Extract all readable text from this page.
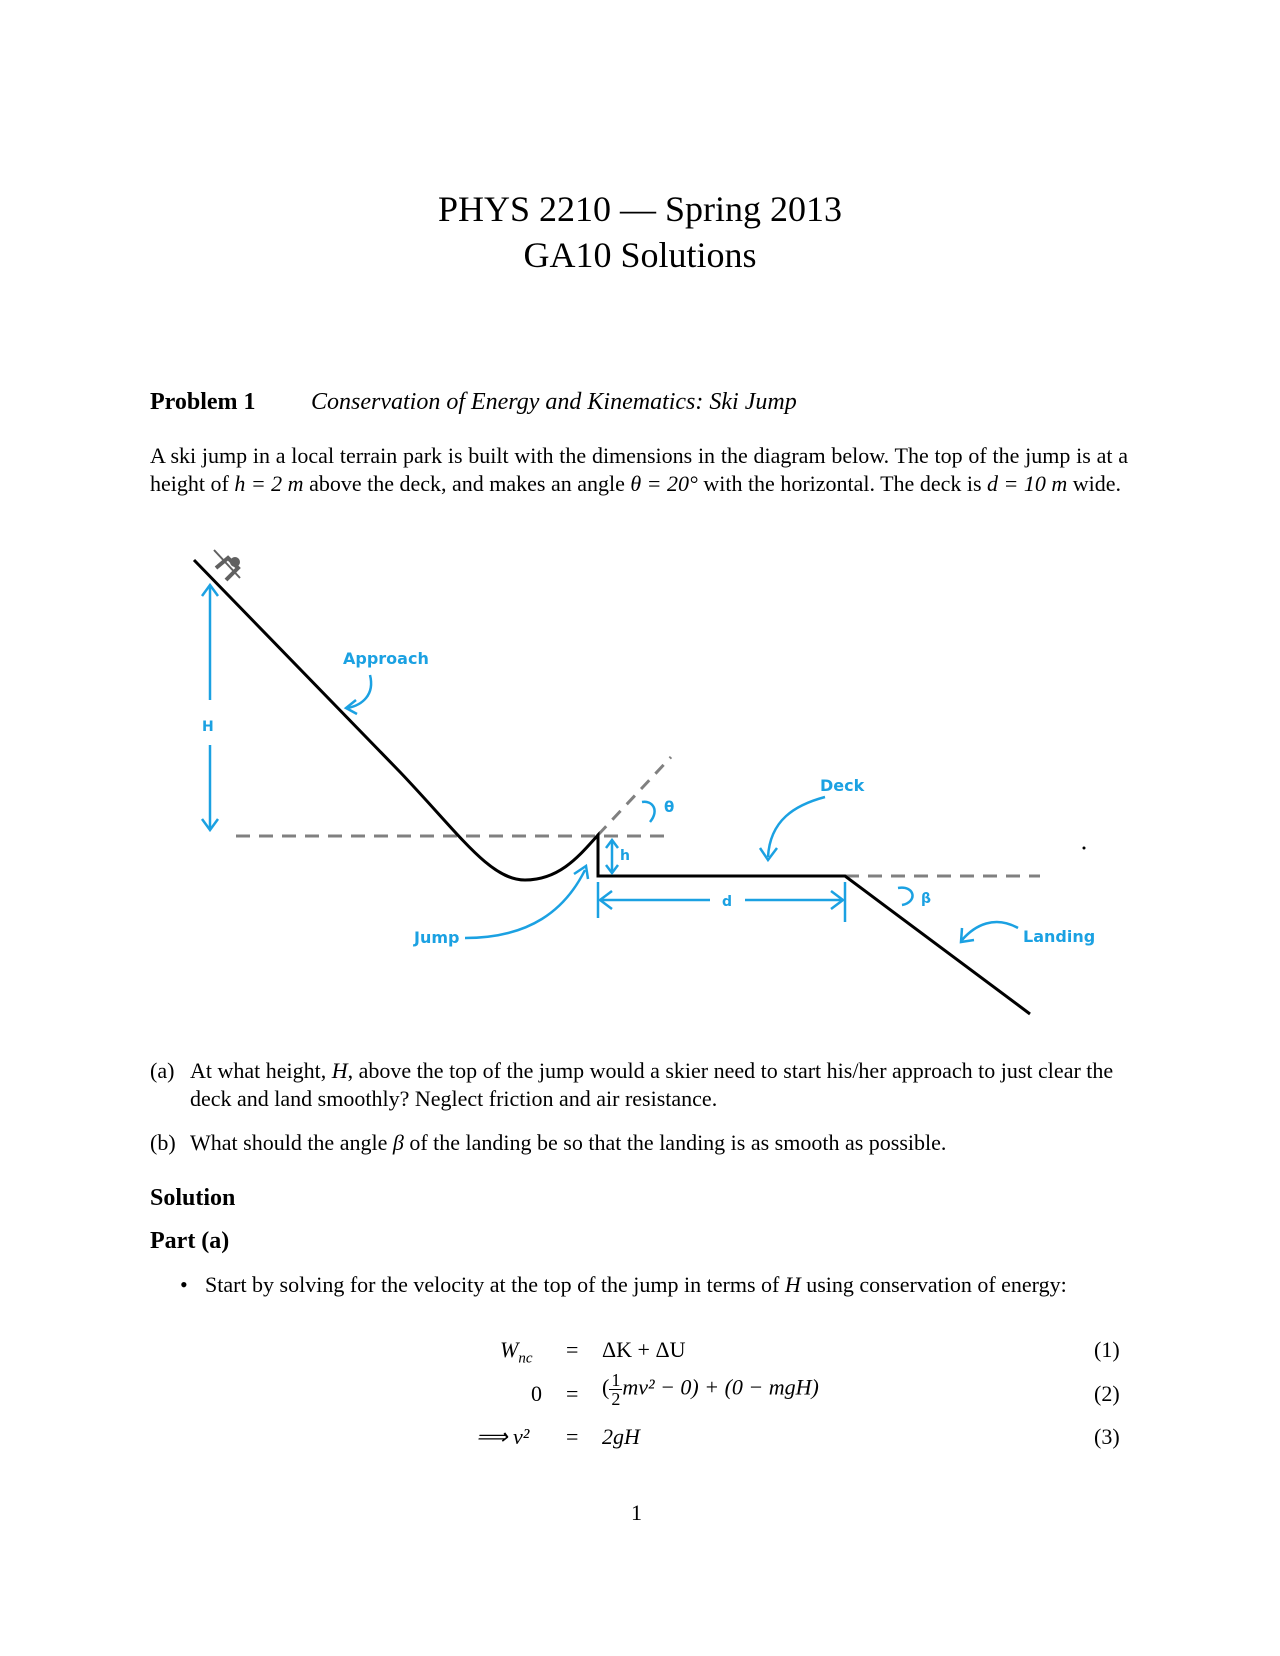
PHYS 2210 — Spring 2013
GA10 Solutions
Problem 1 Conservation of Energy and Kinematics: Ski Jump
A ski jump in a local terrain park is built with the dimensions in the diagram below. The top of the jump is at a height of h = 2 m above the deck, and makes an angle θ = 20° with the horizontal. The deck is d = 10 m wide.
H
Approach
θ
h
Deck
d	β
Jump	Landing
(a) At what height, H, above the top of the jump would a skier need to start his/her approach to just clear the deck and land smoothly? Neglect friction and air resistance.
(b) What should the angle β of the landing be so that the landing is as smooth as possible.
Solution
Part (a)
• Start by solving for the velocity at the top of the jump in terms of H using conservation of energy:
$W_{nc} = \Delta K + \Delta U$	(1)
0 = ( $\frac{1}{2} mv^2 - 0) + (0 - mgH)$	(2)
⟹ v² = 2gH	(3)
1
